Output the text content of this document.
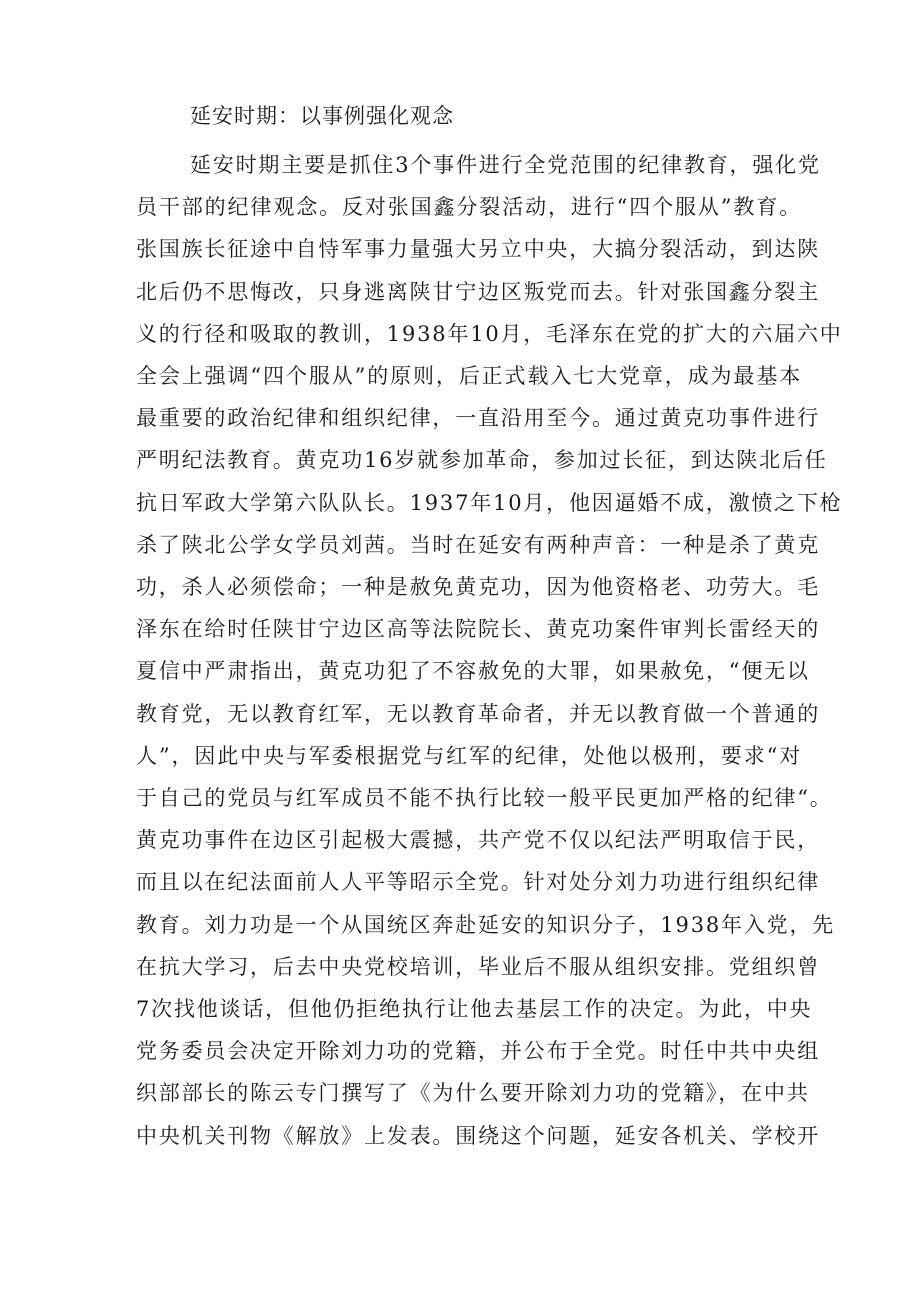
延安时期：以事例强化观念
延安时期主要是抓住3个事件进行全党范围的纪律教育，强化党
员干部的纪律观念。反对张国鑫分裂活动，进行“四个服从”教育。
张国族长征途中自恃军事力量强大另立中央，大搞分裂活动，到达陕
北后仍不思悔改，只身逃离陕甘宁边区叛党而去。针对张国鑫分裂主
义的行径和吸取的教训，1938年10月，毛泽东在党的扩大的六届六中
全会上强调“四个服从”的原则，后正式载入七大党章，成为最基本
最重要的政治纪律和组织纪律，一直沿用至今。通过黄克功事件进行
严明纪法教育。黄克功16岁就参加革命，参加过长征，到达陕北后任
抗日军政大学第六队队长。1937年10月，他因逼婚不成，激愤之下枪
杀了陕北公学女学员刘茜。当时在延安有两种声音：一种是杀了黄克
功，杀人必须偿命；一种是赦免黄克功，因为他资格老、功劳大。毛
泽东在给时任陕甘宁边区高等法院院长、黄克功案件审判长雷经天的
夏信中严肃指出，黄克功犯了不容赦免的大罪，如果赦免，“便无以
教育党，无以教育红军，无以教育革命者，并无以教育做一个普通的
人”，因此中央与军委根据党与红军的纪律，处他以极刑，要求“对
于自己的党员与红军成员不能不执行比较一般平民更加严格的纪律“。
黄克功事件在边区引起极大震撼，共产党不仅以纪法严明取信于民，
而且以在纪法面前人人平等昭示全党。针对处分刘力功进行组织纪律
教育。刘力功是一个从国统区奔赴延安的知识分子，1938年入党，先
在抗大学习，后去中央党校培训，毕业后不服从组织安排。党组织曾
7次找他谈话，但他仍拒绝执行让他去基层工作的决定。为此，中央
党务委员会决定开除刘力功的党籍，并公布于全党。时任中共中央组
织部部长的陈云专门撰写了《为什么要开除刘力功的党籍》，在中共
中央机关刊物《解放》上发表。围绕这个问题，延安各机关、学校开
